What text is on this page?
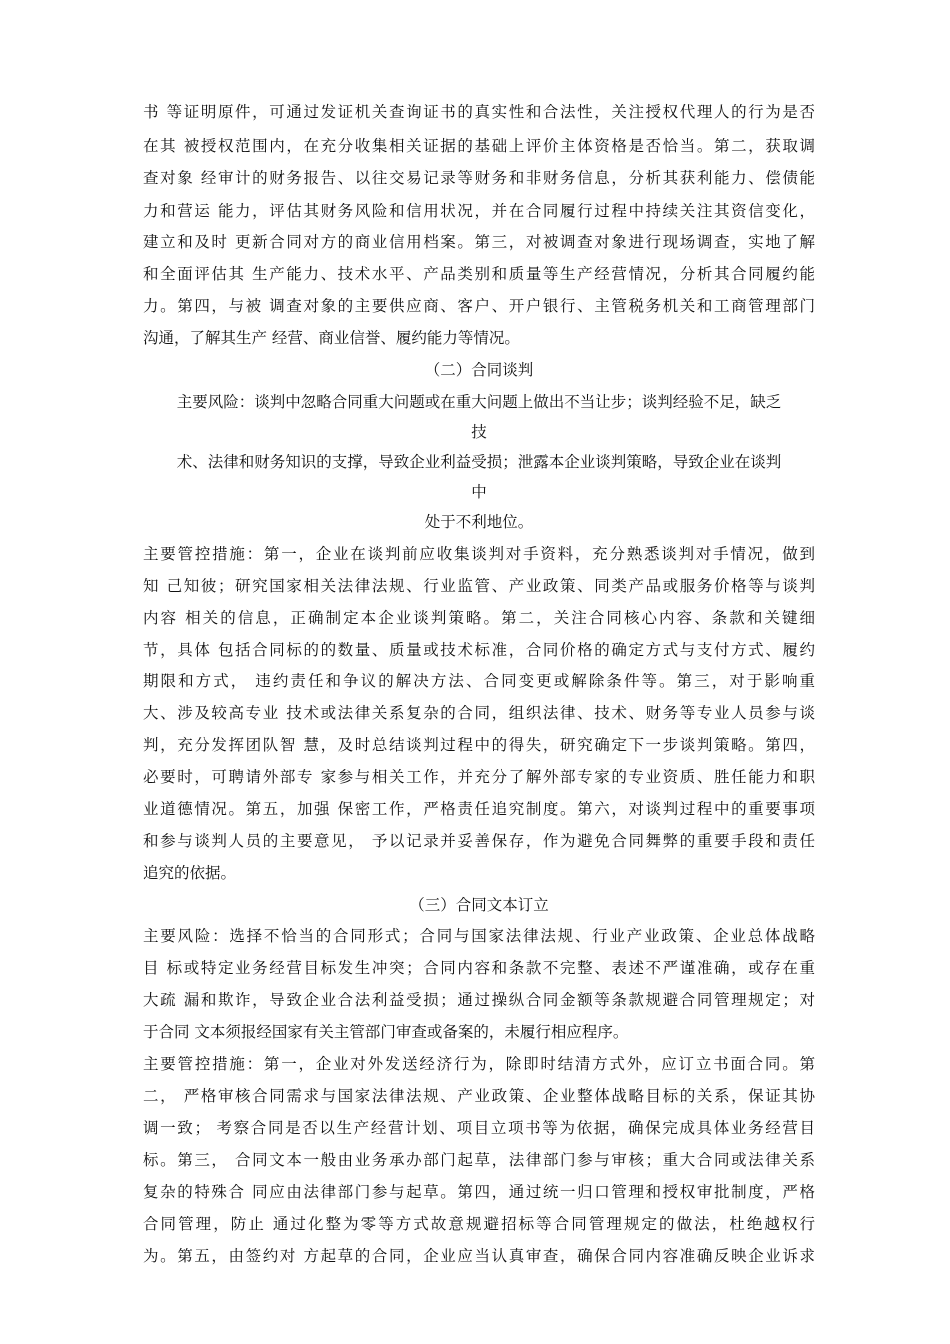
书 等证明原件，可通过发证机关查询证书的真实性和合法性，关注授权代理人的行为是否
在其 被授权范围内，在充分收集相关证据的基础上评价主体资格是否恰当。第二，获取调
查对象 经审计的财务报告、以往交易记录等财务和非财务信息，分析其获利能力、偿债能
力和营运 能力，评估其财务风险和信用状况，并在合同履行过程中持续关注其资信变化，
建立和及时 更新合同对方的商业信用档案。第三，对被调查对象进行现场调查，实地了解
和全面评估其 生产能力、技术水平、产品类别和质量等生产经营情况，分析其合同履约能
力。第四，与被 调查对象的主要供应商、客户、开户银行、主管税务机关和工商管理部门
沟通，了解其生产 经营、商业信誉、履约能力等情况。
（二）合同谈判
主要风险：谈判中忽略合同重大问题或在重大问题上做出不当让步；谈判经验不足，缺乏
技
术、法律和财务知识的支撑，导致企业利益受损；泄露本企业谈判策略，导致企业在谈判
中
处于不利地位。
主要管控措施：第一，企业在谈判前应收集谈判对手资料，充分熟悉谈判对手情况，做到
知 己知彼；研究国家相关法律法规、行业监管、产业政策、同类产品或服务价格等与谈判
内容 相关的信息，正确制定本企业谈判策略。第二，关注合同核心内容、条款和关键细
节，具体 包括合同标的的数量、质量或技术标准，合同价格的确定方式与支付方式、履约
期限和方式， 违约责任和争议的解决方法、合同变更或解除条件等。第三，对于影响重
大、涉及较高专业 技术或法律关系复杂的合同，组织法律、技术、财务等专业人员参与谈
判，充分发挥团队智 慧，及时总结谈判过程中的得失，研究确定下一步谈判策略。第四，
必要时，可聘请外部专 家参与相关工作，并充分了解外部专家的专业资质、胜任能力和职
业道德情况。第五，加强 保密工作，严格责任追究制度。第六，对谈判过程中的重要事项
和参与谈判人员的主要意见， 予以记录并妥善保存，作为避免合同舞弊的重要手段和责任
追究的依据。
（三）合同文本订立
主要风险：选择不恰当的合同形式；合同与国家法律法规、行业产业政策、企业总体战略
目 标或特定业务经营目标发生冲突；合同内容和条款不完整、表述不严谨准确，或存在重
大疏 漏和欺诈，导致企业合法利益受损；通过操纵合同金额等条款规避合同管理规定；对
于合同 文本须报经国家有关主管部门审查或备案的，未履行相应程序。
主要管控措施：第一，企业对外发送经济行为，除即时结清方式外，应订立书面合同。第
二， 严格审核合同需求与国家法律法规、产业政策、企业整体战略目标的关系，保证其协
调一致； 考察合同是否以生产经营计划、项目立项书等为依据，确保完成具体业务经营目
标。第三， 合同文本一般由业务承办部门起草，法律部门参与审核；重大合同或法律关系
复杂的特殊合 同应由法律部门参与起草。第四，通过统一归口管理和授权审批制度，严格
合同管理，防止 通过化整为零等方式故意规避招标等合同管理规定的做法，杜绝越权行
为。第五，由签约对 方起草的合同，企业应当认真审查，确保合同内容准确反映企业诉求
